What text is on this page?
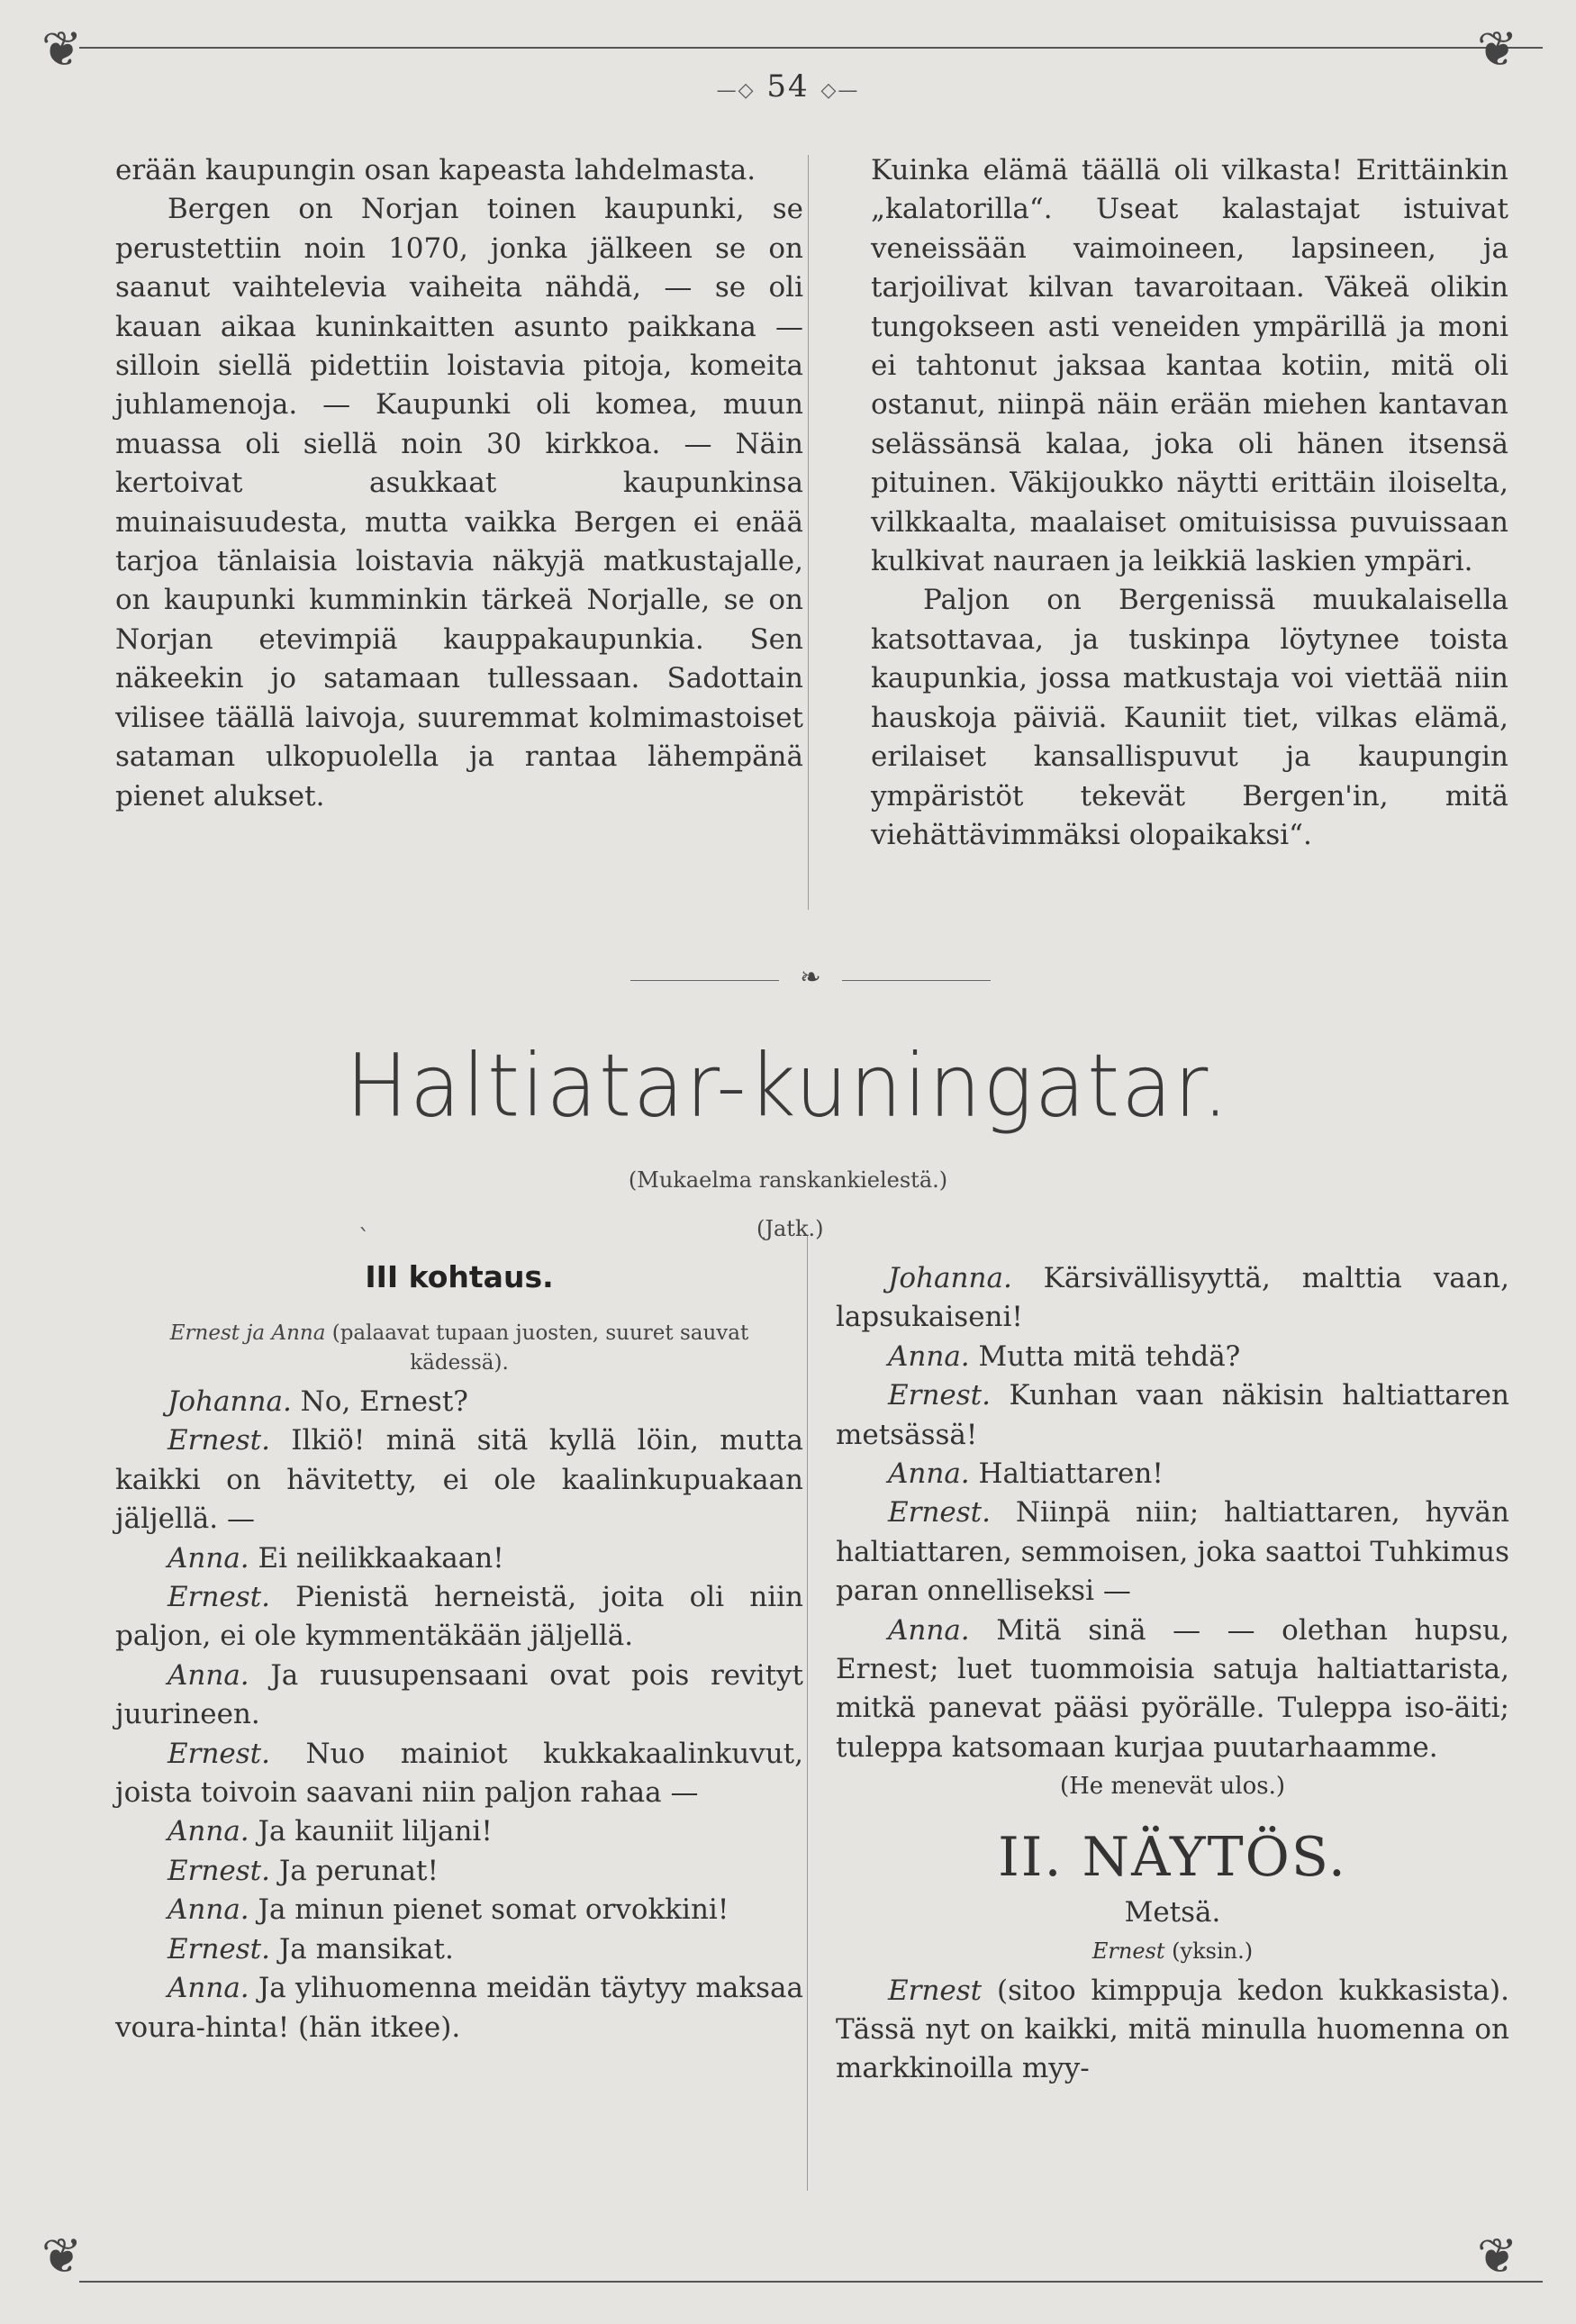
❦	❦
❦	❦
—◇ 54 ◇—

erään kaupungin osan kapeasta lahdelmasta.

Bergen on Norjan toinen kaupunki, se perustettiin noin 1070, jonka jälkeen se on saanut vaihtelevia vaiheita nähdä, — se oli kauan aikaa kuninkaitten asunto paikkana — silloin siellä pidettiin loistavia pitoja, komeita juhlamenoja. — Kaupunki oli komea, muun muassa oli siellä noin 30 kirkkoa. — Näin kertoivat asukkaat kaupunkinsa muinaisuudesta, mutta vaikka Bergen ei enää tarjoa tänlaisia loistavia näkyjä matkustajalle, on kaupunki kumminkin tärkeä Norjalle, se on Norjan etevimpiä kauppakaupunkia. Sen näkeekin jo satamaan tullessaan. Sadottain vilisee täällä laivoja, suuremmat kolmimastoiset sataman ulkopuolella ja rantaa lähempänä pienet alukset.

Kuinka elämä täällä oli vilkasta! Erittäinkin „kalatorilla“. Useat kalastajat istuivat veneissään vaimoineen, lapsineen, ja tarjoilivat kilvan tavaroitaan. Väkeä olikin tungokseen asti veneiden ympärillä ja moni ei tahtonut jaksaa kantaa kotiin, mitä oli ostanut, niinpä näin erään miehen kantavan selässänsä kalaa, joka oli hänen itsensä pituinen. Väkijoukko näytti erittäin iloiselta, vilkkaalta, maalaiset omituisissa puvuissaan kulkivat nauraen ja leikkiä laskien ympäri.

Paljon on Bergenissä muukalaisella katsottavaa, ja tuskinpa löytynee toista kaupunkia, jossa matkustaja voi viettää niin hauskoja päiviä. Kauniit tiet, vilkas elämä, erilaiset kansallispuvut ja kaupungin ympäristöt tekevät Bergen'in, mitä viehättävimmäksi olopaikaksi“.

❧
Haltiatar-kuningatar.
(Mukaelma ranskankielestä.)
(Jatk.)
ˋ
III kohtaus.
Ernest ja Anna (palaavat tupaan juosten, suuret sauvat kädessä).

Johanna. No, Ernest?

Ernest. Ilkiö! minä sitä kyllä löin, mutta kaikki on hävitetty, ei ole kaalinkupuakaan jäljellä. —

Anna. Ei neilikkaakaan!

Ernest. Pienistä herneistä, joita oli niin paljon, ei ole kymmentäkään jäljellä.

Anna. Ja ruusupensaani ovat pois revityt juurineen.

Ernest. Nuo mainiot kukkakaalinkuvut, joista toivoin saavani niin paljon rahaa —

Anna. Ja kauniit liljani!

Ernest. Ja perunat!

Anna. Ja minun pienet somat orvokkini!

Ernest. Ja mansikat.

Anna. Ja ylihuomenna meidän täytyy maksaa voura-hinta! (hän itkee).

Johanna. Kärsivällisyyttä, malttia vaan, lapsukaiseni!

Anna. Mutta mitä tehdä?

Ernest. Kunhan vaan näkisin haltiattaren metsässä!

Anna. Haltiattaren!

Ernest. Niinpä niin; haltiattaren, hyvän haltiattaren, semmoisen, joka saattoi Tuhkimus paran onnelliseksi —

Anna. Mitä sinä — — olethan hupsu, Ernest; luet tuommoisia satuja haltiattarista, mitkä panevat pääsi pyörälle. Tuleppa iso-äiti; tuleppa katsomaan kurjaa puutarhaamme.

(He menevät ulos.)

II. NÄYTÖS.

Metsä.

Ernest (yksin.)

Ernest (sitoo kimppuja kedon kukkasista). Tässä nyt on kaikki, mitä minulla huomenna on markkinoilla myy-
